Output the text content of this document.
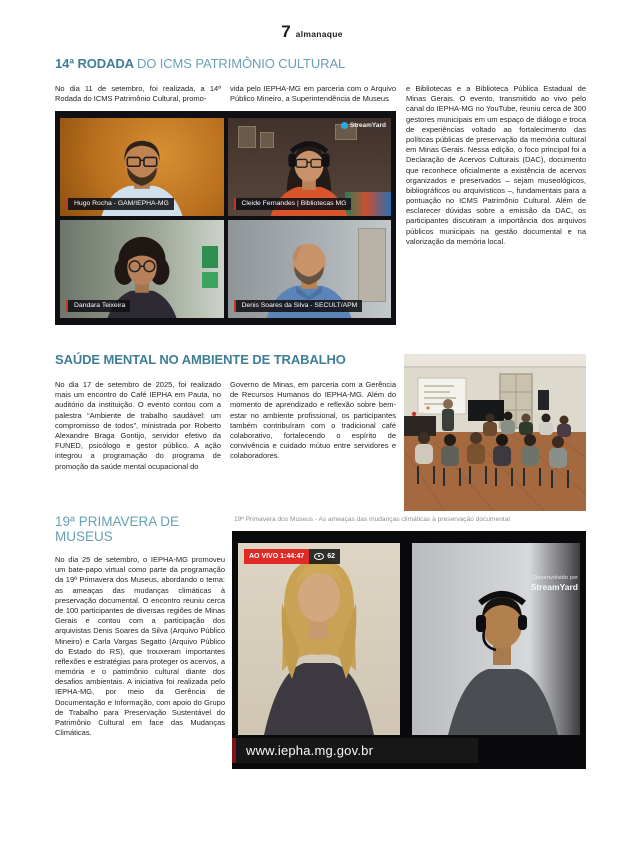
7 almanaque
14ª RODADA DO ICMS PATRIMÔNIO CULTURAL

No dia 11 de setembro, foi realizada, a 14ª Rodada do ICMS Patrimônio Cultural, promo-

vida pelo IEPHA-MG em parceria com o Arquivo Público Mineiro, a Superintendência de Museus

Hugo Rocha - GAM/IEPHA-MG
StreamYard
Cleide Fernandes | Bibliotecas MG
Dandara Teixeira	Denis Soares da Silva - SECULT/APM

e Bibliotecas e a Biblioteca Pública Estadual de Minas Gerais. O evento, transmitido ao vivo pelo canal do IEPHA-MG no YouTube, reuniu cerca de 300 gestores municipais em um espaço de diálogo e troca de experiências voltado ao fortalecimento das políticas públicas de preservação da memória cultural em Minas Gerais. Nessa edição, o foco principal foi a Declaração de Acervos Culturais (DAC), documento que reconhece oficialmente a existência de acervos organizados e preservados – sejam museológicos, bibliográficos ou arquivísticos –, fundamentais para a pontuação no ICMS Patrimônio Cultural. Além de esclarecer dúvidas sobre a emissão da DAC, os participantes discutiram a importância dos arquivos públicos municipais na gestão documental e na valorização da memória local.

SAÚDE MENTAL NO AMBIENTE DE TRABALHO

No dia 17 de setembro de 2025, foi realizado mais um encontro do Café IEPHA em Pauta, no auditório da instituição. O evento contou com a palestra “Ambiente de trabalho saudável: um compromisso de todos”, ministrada por Roberto Alexandre Braga Gontijo, servidor efetivo da FUNED, psicólogo e gestor público. A ação integrou a programação do programa de promoção da saúde mental ocupacional do

Governo de Minas, em parceria com a Gerência de Recursos Humanos do IEPHA-MG. Além do momento de aprendizado e reflexão sobre bem-estar no ambiente profissional, os participantes também contribuíram com o tradicional café colaborativo, fortalecendo o espírito de convivência e cuidado mútuo entre servidores e colaboradores.

19ª PRIMAVERA DE MUSEUS

No dia 25 de setembro, o IEPHA-MG promoveu um bate-papo virtual como parte da programação da 19ª Primavera dos Museus, abordando o tema: as ameaças das mudanças climáticas à preservação documental. O encontro reuniu cerca de 100 participantes de diversas regiões de Minas Gerais e contou com a participação dos arquivistas Denis Soares da Silva (Arquivo Público Mineiro) e Carla Vargas Segatto (Arquivo Público do Estado do RS), que trouxeram importantes reflexões e estratégias para proteger os acervos, a memória e o patrimônio cultural diante dos desafios ambientais. A iniciativa foi realizada pelo IEPHA-MG, por meio da Gerência de Documentação e Informação, com apoio do Grupo de Trabalho para Preservação Sustentável do Patrimônio Cultural em face das Mudanças Climáticas.

19ª Primavera dos Museus - As ameaças das mudanças climáticas à preservação documental

AO VIVO 1:44:47	62
Desenvolvido por
StreamYard
www.iepha.mg.gov.br
